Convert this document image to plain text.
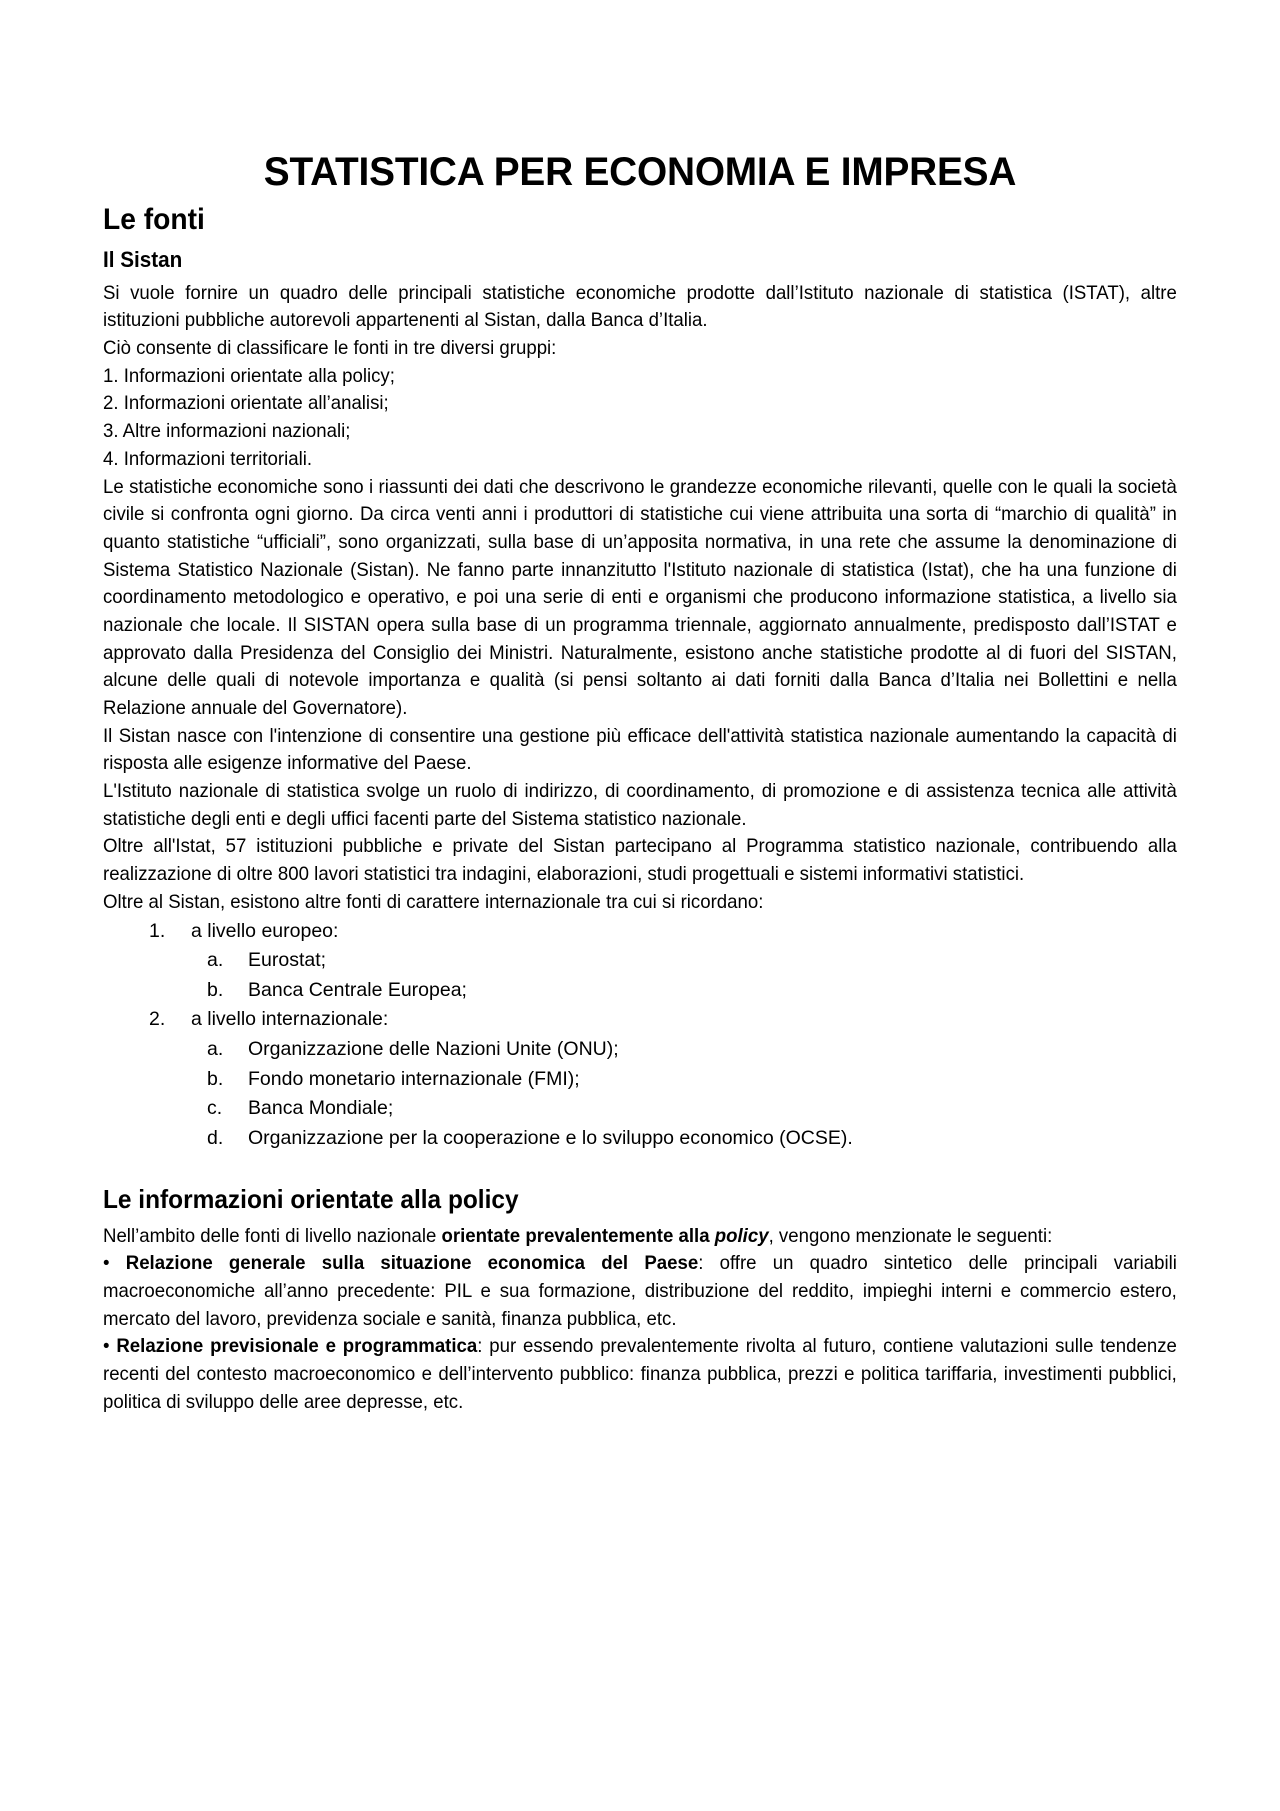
STATISTICA PER ECONOMIA E IMPRESA
Le fonti
Il Sistan

Si vuole fornire un quadro delle principali statistiche economiche prodotte dall’Istituto nazionale di statistica (ISTAT), altre istituzioni pubbliche autorevoli appartenenti al Sistan, dalla Banca d’Italia.

Ciò consente di classificare le fonti in tre diversi gruppi:

1. Informazioni orientate alla policy;

2. Informazioni orientate all’analisi;

3. Altre informazioni nazionali;

4. Informazioni territoriali.

Le statistiche economiche sono i riassunti dei dati che descrivono le grandezze economiche rilevanti, quelle con le quali la società civile si confronta ogni giorno. Da circa venti anni i produttori di statistiche cui viene attribuita una sorta di “marchio di qualità” in quanto statistiche “ufficiali”, sono organizzati, sulla base di un’apposita normativa, in una rete che assume la denominazione di Sistema Statistico Nazionale (Sistan). Ne fanno parte innanzitutto l'Istituto nazionale di statistica (Istat), che ha una funzione di coordinamento metodologico e operativo, e poi una serie di enti e organismi che producono informazione statistica, a livello sia nazionale che locale. Il SISTAN opera sulla base di un programma triennale, aggiornato annualmente, predisposto dall’ISTAT e approvato dalla Presidenza del Consiglio dei Ministri. Naturalmente, esistono anche statistiche prodotte al di fuori del SISTAN, alcune delle quali di notevole importanza e qualità (si pensi soltanto ai dati forniti dalla Banca d’Italia nei Bollettini e nella Relazione annuale del Governatore).

Il Sistan nasce con l'intenzione di consentire una gestione più efficace dell'attività statistica nazionale aumentando la capacità di risposta alle esigenze informative del Paese.

L'Istituto nazionale di statistica svolge un ruolo di indirizzo, di coordinamento, di promozione e di assistenza tecnica alle attività statistiche degli enti e degli uffici facenti parte del Sistema statistico nazionale.

Oltre all'Istat, 57 istituzioni pubbliche e private del Sistan partecipano al Programma statistico nazionale, contribuendo alla realizzazione di oltre 800 lavori statistici tra indagini, elaborazioni, studi progettuali e sistemi informativi statistici.

Oltre al Sistan, esistono altre fonti di carattere internazionale tra cui si ricordano:

1.	a livello europeo:
a.	Eurostat;
b.	Banca Centrale Europea;
2.	a livello internazionale:
a.	Organizzazione delle Nazioni Unite (ONU);
b.	Fondo monetario internazionale (FMI);
c.	Banca Mondiale;
d.	Organizzazione per la cooperazione e lo sviluppo economico (OCSE).
Le informazioni orientate alla policy

Nell’ambito delle fonti di livello nazionale orientate prevalentemente alla policy, vengono menzionate le seguenti:

• Relazione generale sulla situazione economica del Paese: offre un quadro sintetico delle principali variabili macroeconomiche all’anno precedente: PIL e sua formazione, distribuzione del reddito, impieghi interni e commercio estero, mercato del lavoro, previdenza sociale e sanità, finanza pubblica, etc.

• Relazione previsionale e programmatica: pur essendo prevalentemente rivolta al futuro, contiene valutazioni sulle tendenze recenti del contesto macroeconomico e dell’intervento pubblico: finanza pubblica, prezzi e politica tariffaria, investimenti pubblici, politica di sviluppo delle aree depresse, etc.
